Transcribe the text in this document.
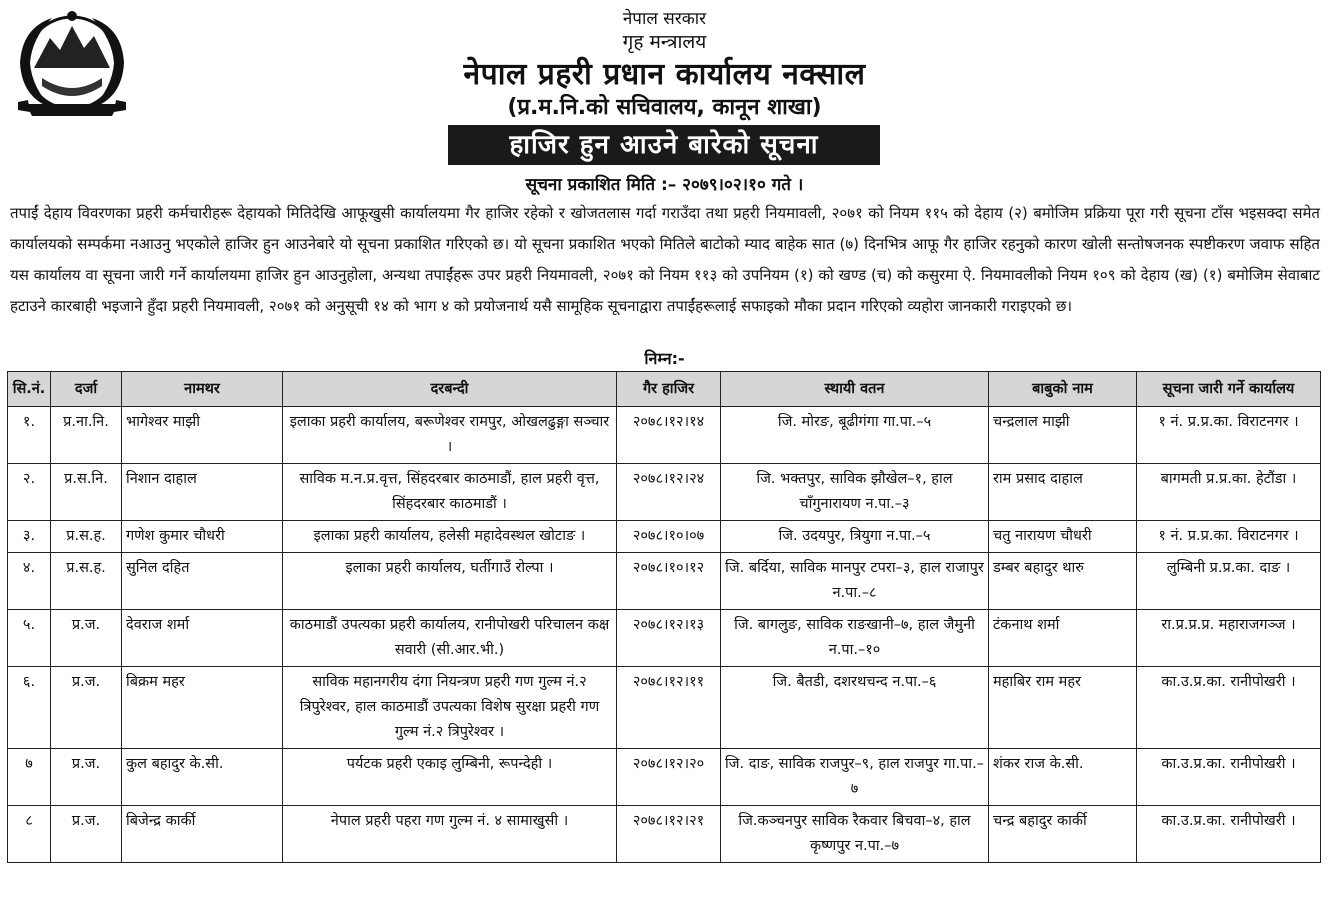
नेपाल सरकार
गृह मन्त्रालय
नेपाल प्रहरी प्रधान कार्यालय नक्साल
(प्र.म.नि.को सचिवालय, कानून शाखा)
हाजिर हुन आउने बारेको सूचना
सूचना प्रकाशित मिति :– २०७९।०२।१० गते ।
तपाईं देहाय विवरणका प्रहरी कर्मचारीहरू देहायको मितिदेखि आफूखुसी कार्यालयमा गैर हाजिर रहेको र खोजतलास गर्दा गराउँदा तथा प्रहरी नियमावली, २०७१ को नियम ११५ को देहाय (२) बमोजिम प्रक्रिया पूरा गरी सूचना टाँस भइसक्दा समेत कार्यालयको सम्पर्कमा नआउनु भएकोले हाजिर हुन आउनेबारे यो सूचना प्रकाशित गरिएको छ। यो सूचना प्रकाशित भएको मितिले बाटोको म्याद बाहेक सात (७) दिनभित्र आफू गैर हाजिर रहनुको कारण खोली सन्तोषजनक स्पष्टीकरण जवाफ सहित यस कार्यालय वा सूचना जारी गर्ने कार्यालयमा हाजिर हुन आउनुहोला, अन्यथा तपाईंहरू उपर प्रहरी नियमावली, २०७१ को नियम ११३ को उपनियम (१) को खण्ड (च) को कसुरमा ऐ. नियमावलीको नियम १०९ को देहाय (ख) (१) बमोजिम सेवाबाट हटाउने कारबाही भइजाने हुँदा प्रहरी नियमावली, २०७१ को अनुसूची १४ को भाग ४ को प्रयोजनार्थ यसै सामूहिक सूचनाद्वारा तपाईंहरूलाई सफाइको मौका प्रदान गरिएको व्यहोरा जानकारी गराइएको छ।
निम्न:-
सि.नं.	दर्जा	नामथर	दरबन्दी	गैर हाजिर	स्थायी वतन	बाबुको नाम	सूचना जारी गर्ने कार्यालय
१.	प्र.ना.नि.	भागेश्वर माझी	इलाका प्रहरी कार्यालय, बरूणेश्वर रामपुर, ओखलढुङ्गा सञ्चार ।	२०७८।१२।१४	जि. मोरङ, बूढीगंगा गा.पा.–५	चन्द्रलाल माझी	१ नं. प्र.प्र.का. विराटनगर ।
२.	प्र.स.नि.	निशान दाहाल	साविक म.न.प्र.वृत्त, सिंहदरबार काठमाडौं, हाल प्रहरी वृत्त, सिंहदरबार काठमाडौं ।	२०७८।१२।२४	जि. भक्तपुर, साविक झौखेल–१, हाल चाँगुनारायण न.पा.–३	राम प्रसाद दाहाल	बागमती प्र.प्र.का. हेटौंडा ।
३.	प्र.स.ह.	गणेश कुमार चौधरी	इलाका प्रहरी कार्यालय, हलेसी महादेवस्थल खोटाङ ।	२०७८।१०।०७	जि. उदयपुर, त्रियुगा न.पा.–५	चतु नारायण चौधरी	१ नं. प्र.प्र.का. विराटनगर ।
४.	प्र.स.ह.	सुनिल दहित	इलाका प्रहरी कार्यालय, घर्तीगाउँ रोल्पा ।	२०७८।१०।१२	जि. बर्दिया, साविक मानपुर टपरा–३, हाल राजापुर न.पा.–८	डम्बर बहादुर थारु	लुम्बिनी प्र.प्र.का. दाङ ।
५.	प्र.ज.	देवराज शर्मा	काठमाडौं उपत्यका प्रहरी कार्यालय, रानीपोखरी परिचालन कक्ष सवारी (सी.आर.भी.)	२०७८।१२।१३	जि. बागलुङ, साविक राङखानी–७, हाल जैमुनी न.पा.–१०	टंकनाथ शर्मा	रा.प्र.प्र.प्र. महाराजगञ्ज ।
६.	प्र.ज.	बिक्रम महर	साविक महानगरीय दंगा नियन्त्रण प्रहरी गण गुल्म नं.२ त्रिपुरेश्वर, हाल काठमाडौं उपत्यका विशेष सुरक्षा प्रहरी गण गुल्म नं.२ त्रिपुरेश्वर ।	२०७८।१२।११	जि. बैतडी, दशरथचन्द न.पा.–६	महाबिर राम महर	का.उ.प्र.का. रानीपोखरी ।
७	प्र.ज.	कुल बहादुर के.सी.	पर्यटक प्रहरी एकाइ लुम्बिनी, रूपन्देही ।	२०७८।१२।२०	जि. दाङ, साविक राजपुर–९, हाल राजपुर गा.पा.–७	शंकर राज के.सी.	का.उ.प्र.का. रानीपोखरी ।
८	प्र.ज.	बिजेन्द्र कार्की	नेपाल प्रहरी पहरा गण गुल्म नं. ४ सामाखुसी ।	२०७८।१२।२१	जि.कञ्चनपुर साविक रैकवार बिचवा–४, हाल कृष्णपुर न.पा.–७	चन्द्र बहादुर कार्की	का.उ.प्र.का. रानीपोखरी ।
